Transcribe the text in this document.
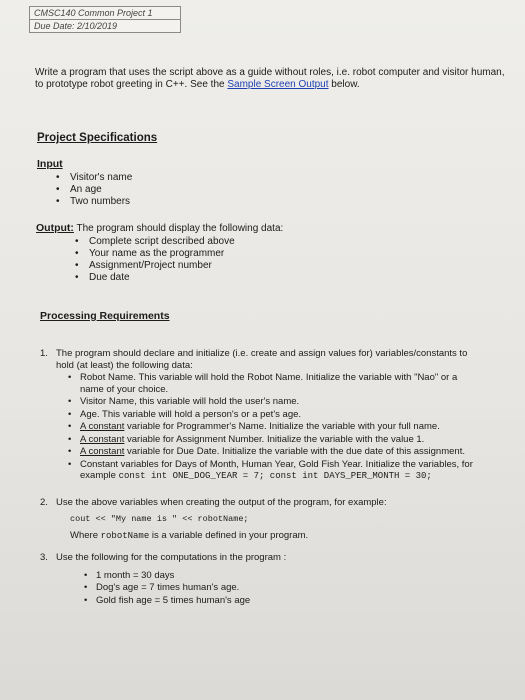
CMSC140 Common Project 1
Due Date: 2/10/2019
Write a program that uses the script above as a guide without roles, i.e. robot computer and visitor human, to prototype robot greeting in C++. See the Sample Screen Output below.
Project Specifications
Input
• Visitor's name
• An age
• Two numbers
Output: The program should display the following data:
• Complete script described above
• Your name as the programmer
• Assignment/Project number
• Due date
Processing Requirements
1. The program should declare and initialize (i.e. create and assign values for) variables/constants to hold (at least) the following data:
• Robot Name. This variable will hold the Robot Name. Initialize the variable with "Nao" or a name of your choice.
• Visitor Name, this variable will hold the user's name.
• Age. This variable will hold a person's or a pet's age.
• A constant variable for Programmer's Name. Initialize the variable with your full name.
• A constant variable for Assignment Number. Initialize the variable with the value 1.
• A constant variable for Due Date. Initialize the variable with the due date of this assignment.
• Constant variables for Days of Month, Human Year, Gold Fish Year. Initialize the variables, for example const int ONE_DOG_YEAR = 7; const int DAYS_PER_MONTH = 30;
2. Use the above variables when creating the output of the program, for example:
cout << "My name is " << robotName;
Where robotName is a variable defined in your program.
3. Use the following for the computations in the program :
• 1 month = 30 days
• Dog's age = 7 times human's age.
• Gold fish age = 5 times human's age
